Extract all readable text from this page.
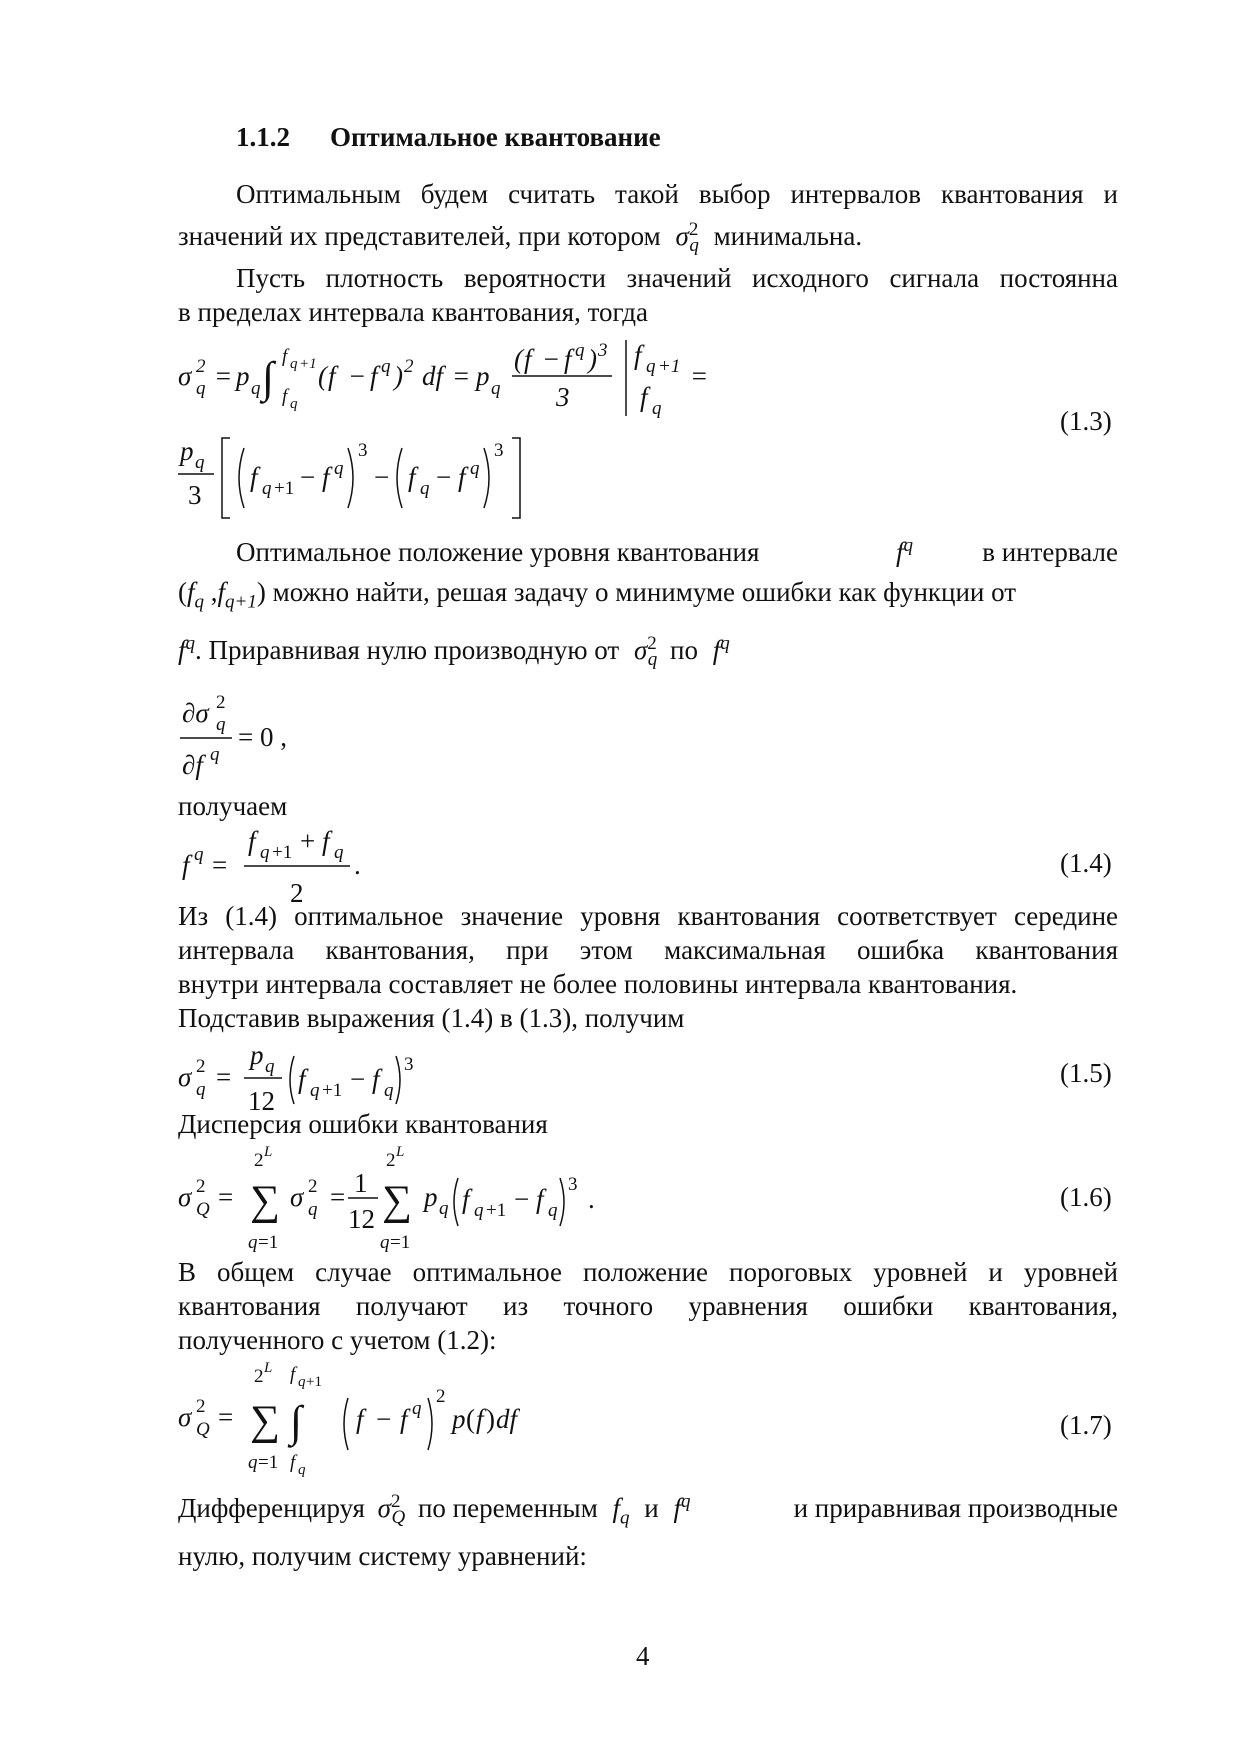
1.1.2 Оптимальное квантование
Оптимальным будем считать такой выбор интервалов квантования и
значений их представителей, при котором $\sigma^2_q$ минимальна.
Пусть плотность вероятности значений исходного сигнала постоянна
в пределах интервала квантования, тогда
σ 2
q = p q ∫ f q +1
f q
( f − f q ) 2 df = p q
( f − f q ) 3
3
f q +1
f q
=
p q
3
f q +1 − f q
3
− f q − f q
3
(1.3)
Оптимальное положение уровня квантования	$f^q$	в интервале
($f_q$ $,f_{q+1}$) можно найти, решая задачу о минимуме ошибки как функции от
$f^q$. Приравнивая нулю производную от $\sigma^2_q$ по $f^q$
∂σ 2
q
∂f q
= 0 ,
получаем
f q =
f q +1 + f q
2
.	(1.4)
Из (1.4) оптимальное значение уровня квантования соответствует середине
интервала квантования, при этом максимальная ошибка квантования
внутри интервала составляет не более половины интервала квантования.
Подставив выражения (1.4) в (1.3), получим
σ 2
q =
p q
12
f q +1 − f q
3	(1.5)
Дисперсия ошибки квантования
σ 2
Q =
2 L
∑
q =1
σ 2
q = 1
12
2 L
∑
q =1
p q f q +1 − f q
3 .	(1.6)
В общем случае оптимальное положение пороговых уровней и уровней
квантования получают из точного уравнения ошибки квантования,
полученного с учетом (1.2):
σ 2
Q =
2 L
∑
q =1
f q +1
∫
f q
f − f q
2
p ( f ) df	(1.7)
Дифференцируя $\sigma^2_Q$ по переменным $f_q$ и $f^q$	и приравнивая производные
нулю, получим систему уравнений:
4
